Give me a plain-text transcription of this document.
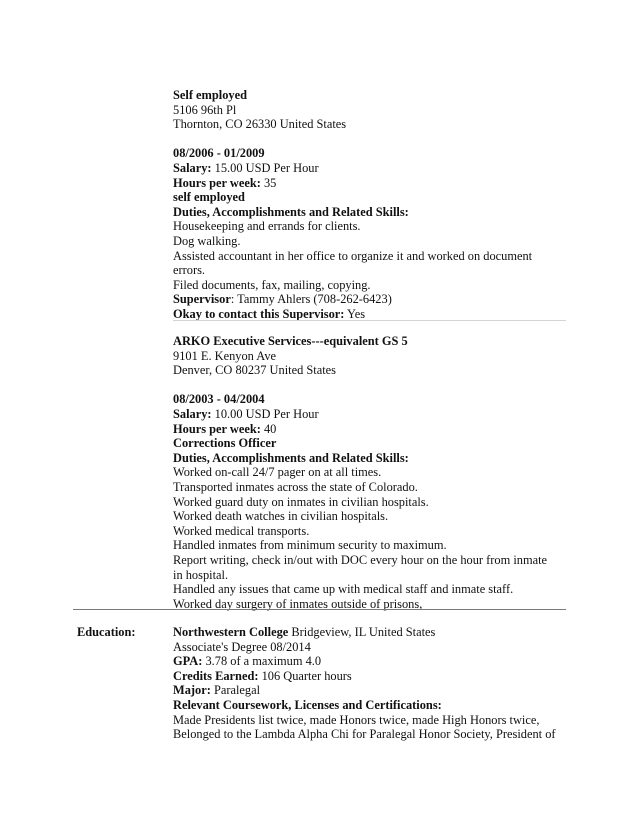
Self employed
5106 96th Pl
Thornton, CO 26330 United States
08/2006 - 01/2009
Salary: 15.00 USD Per Hour
Hours per week: 35
self employed
Duties, Accomplishments and Related Skills:
Housekeeping and errands for clients.
Dog walking.
Assisted accountant in her office to organize it and worked on document
errors.
Filed documents, fax, mailing, copying.
Supervisor: Tammy Ahlers (708-262-6423)
Okay to contact this Supervisor: Yes
ARKO Executive Services---equivalent GS 5
9101 E. Kenyon Ave
Denver, CO 80237 United States
08/2003 - 04/2004
Salary: 10.00 USD Per Hour
Hours per week: 40
Corrections Officer
Duties, Accomplishments and Related Skills:
Worked on-call 24/7 pager on at all times.
Transported inmates across the state of Colorado.
Worked guard duty on inmates in civilian hospitals.
Worked death watches in civilian hospitals.
Worked medical transports.
Handled inmates from minimum security to maximum.
Report writing, check in/out with DOC every hour on the hour from inmate
in hospital.
Handled any issues that came up with medical staff and inmate staff.
Worked day surgery of inmates outside of prisons,
Education:	Northwestern College Bridgeview, IL United States
Associate's Degree 08/2014
GPA: 3.78 of a maximum 4.0
Credits Earned: 106 Quarter hours
Major: Paralegal
Relevant Coursework, Licenses and Certifications:
Made Presidents list twice, made Honors twice, made High Honors twice,
Belonged to the Lambda Alpha Chi for Paralegal Honor Society, President of
